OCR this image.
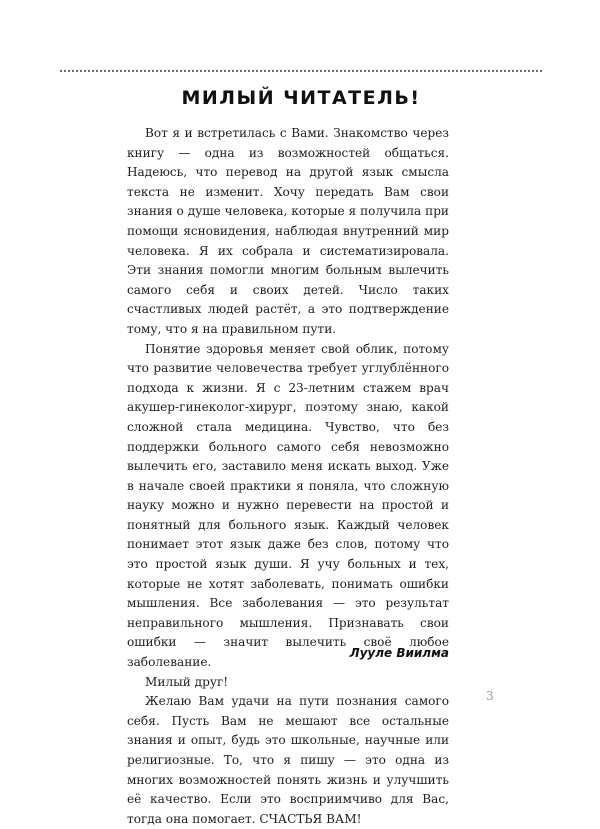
МИЛЫЙ ЧИТАТЕЛЬ!

Вот я и встретилась с Вами. Знакомство через книгу — одна из возможностей общаться. Надеюсь, что перевод на другой язык смысла текста не изменит. Хочу передать Вам свои знания о душе человека, которые я получила при помощи ясновидения, наблюдая внутренний мир человека. Я их собрала и систематизировала. Эти знания помогли многим больным вылечить самого себя и своих детей. Число таких счастливых людей растёт, а это подтверждение тому, что я на правильном пути.

Понятие здоровья меняет свой облик, потому что развитие человечества требует углублённого подхода к жизни. Я с 23-летним стажем врач акушер-гинеколог-хирург, поэтому знаю, какой сложной стала медицина. Чувство, что без поддержки больного самого себя невозможно вылечить его, заставило меня искать выход. Уже в начале своей практики я поняла, что сложную науку можно и нужно перевести на простой и понятный для больного язык. Каждый человек понимает этот язык даже без слов, потому что это простой язык души. Я учу больных и тех, которые не хотят заболевать, понимать ошибки мышления. Все заболевания — это результат неправильного мышления. Признавать свои ошибки — значит вылечить своё любое заболевание.

Милый друг!

Желаю Вам удачи на пути познания самого себя. Пусть Вам не мешают все остальные знания и опыт, будь это школьные, научные или религиозные. То, что я пишу — это одна из многих возможностей понять жизнь и улучшить её качество. Если это восприимчиво для Вас, тогда она помогает. СЧАСТЬЯ ВАМ!

Лууле Виилма

3
